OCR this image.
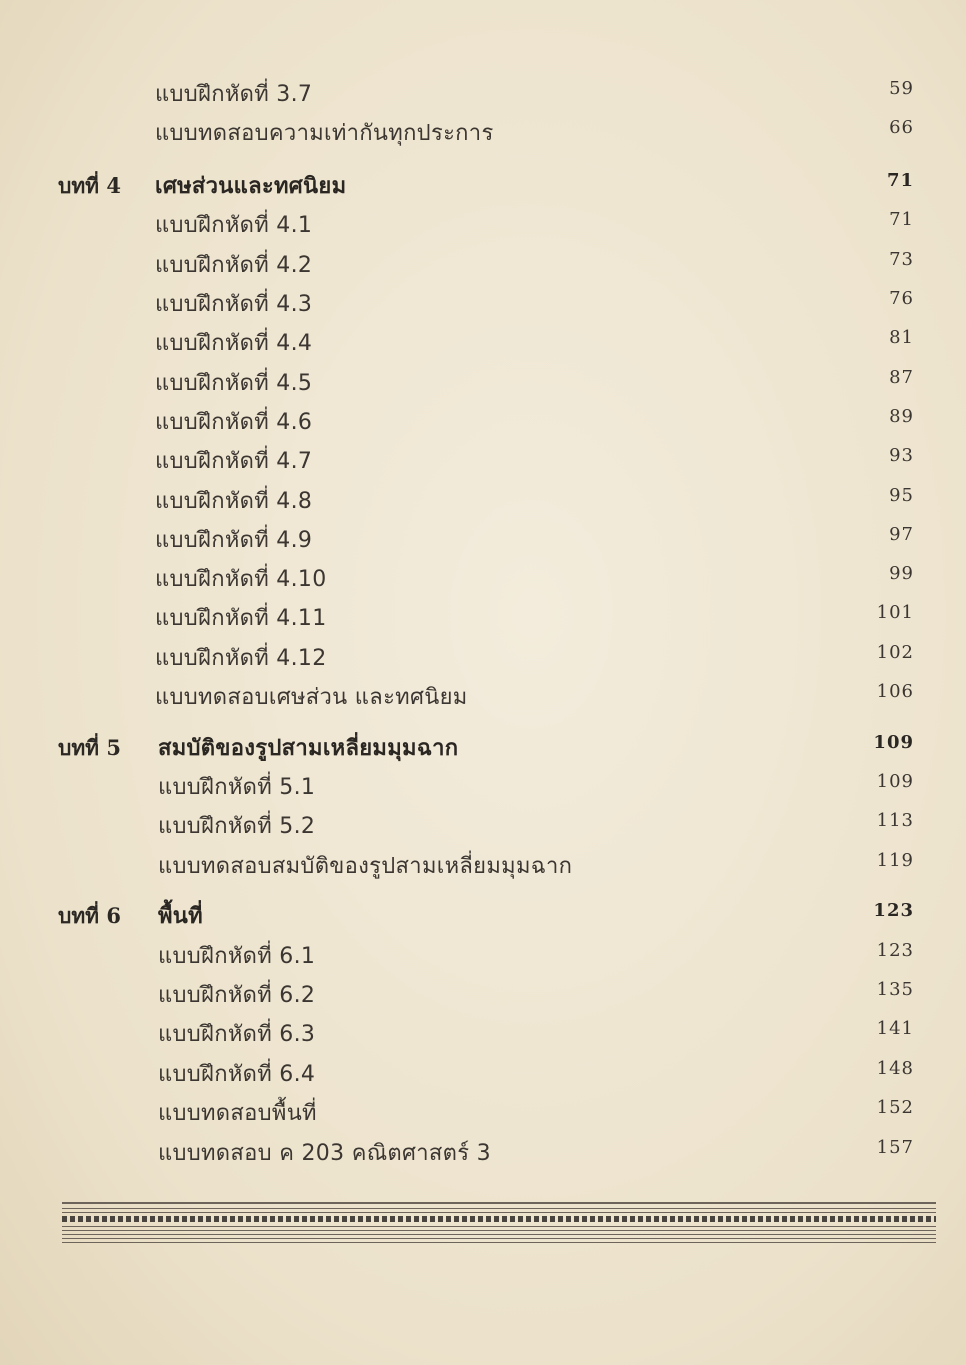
แบบฝึกหัดที่ 3.7	59
แบบทดสอบความเท่ากันทุกประการ	66
บทที่ 4 เศษส่วนและทศนิยม	71
แบบฝึกหัดที่ 4.1	71
แบบฝึกหัดที่ 4.2	73
แบบฝึกหัดที่ 4.3	76
แบบฝึกหัดที่ 4.4	81
แบบฝึกหัดที่ 4.5	87
แบบฝึกหัดที่ 4.6	89
แบบฝึกหัดที่ 4.7	93
แบบฝึกหัดที่ 4.8	95
แบบฝึกหัดที่ 4.9	97
แบบฝึกหัดที่ 4.10	99
แบบฝึกหัดที่ 4.11	101
แบบฝึกหัดที่ 4.12	102
แบบทดสอบเศษส่วน และทศนิยม	106
บทที่ 5 สมบัติของรูปสามเหลี่ยมมุมฉาก	109
แบบฝึกหัดที่ 5.1	109
แบบฝึกหัดที่ 5.2	113
แบบทดสอบสมบัติของรูปสามเหลี่ยมมุมฉาก	119
บทที่ 6 พื้นที่	123
แบบฝึกหัดที่ 6.1	123
แบบฝึกหัดที่ 6.2	135
แบบฝึกหัดที่ 6.3	141
แบบฝึกหัดที่ 6.4	148
แบบทดสอบพื้นที่	152
แบบทดสอบ ค 203 คณิตศาสตร์ 3	157
